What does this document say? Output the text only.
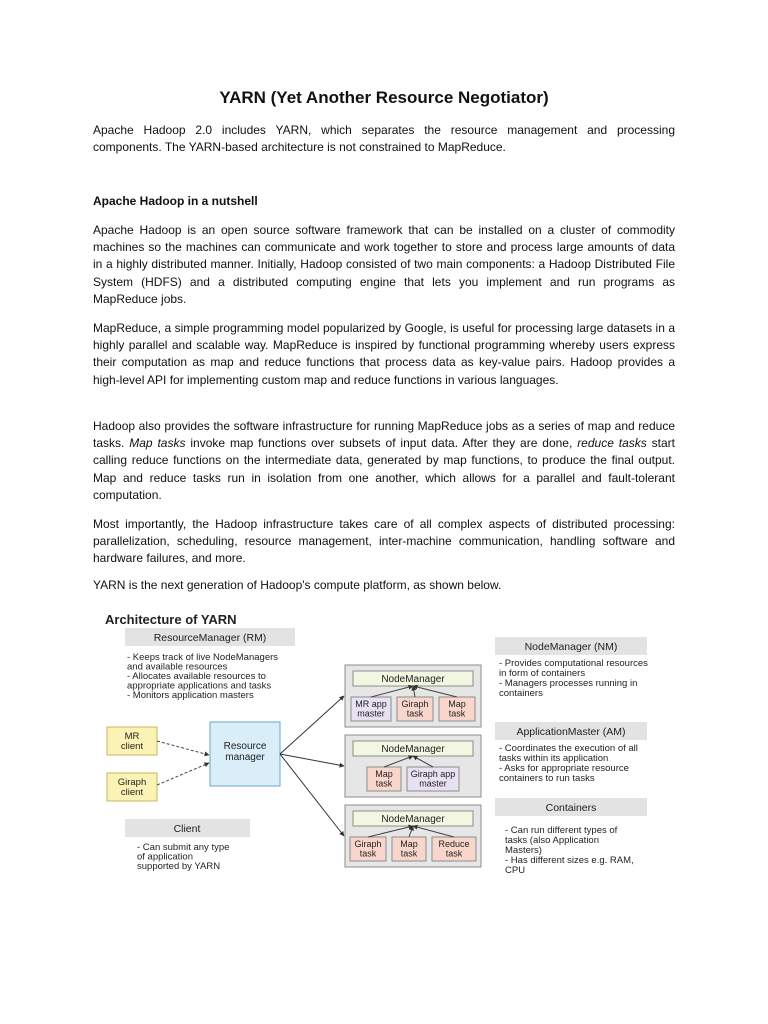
YARN (Yet Another Resource Negotiator)

Apache Hadoop 2.0 includes YARN, which separates the resource management and processing components. The YARN-based architecture is not constrained to MapReduce.

Apache Hadoop in a nutshell

Apache Hadoop is an open source software framework that can be installed on a cluster of commodity machines so the machines can communicate and work together to store and process large amounts of data in a highly distributed manner. Initially, Hadoop consisted of two main components: a Hadoop Distributed File System (HDFS) and a distributed computing engine that lets you implement and run programs as MapReduce jobs.

MapReduce, a simple programming model popularized by Google, is useful for processing large datasets in a highly parallel and scalable way. MapReduce is inspired by functional programming whereby users express their computation as map and reduce functions that process data as key-value pairs. Hadoop provides a high-level API for implementing custom map and reduce functions in various languages.

Hadoop also provides the software infrastructure for running MapReduce jobs as a series of map and reduce tasks. Map tasks invoke map functions over subsets of input data. After they are done, reduce tasks start calling reduce functions on the intermediate data, generated by map functions, to produce the final output. Map and reduce tasks run in isolation from one another, which allows for a parallel and fault-tolerant computation.

Most importantly, the Hadoop infrastructure takes care of all complex aspects of distributed processing: parallelization, scheduling, resource management, inter-machine communication, handling software and hardware failures, and more.

YARN is the next generation of Hadoop's compute platform, as shown below.

Architecture of YARN
ResourceManager (RM)
- Keeps track of live NodeManagers
and available resources
- Allocates available resources to
appropriate applications and tasks
- Monitors application masters
MR
client
Giraph
client
Resource
manager
Client
- Can submit any type
of application
supported by YARN
NodeManager
MR app
master
Giraph
task
Map
task
NodeManager
Map
task
Giraph app
master
NodeManager
Giraph
task
Map
task
Reduce
task
NodeManager (NM)
- Provides computational resources
in form of containers
- Managers processes running in
containers
ApplicationMaster (AM)
- Coordinates the execution of all
tasks within its application
- Asks for appropriate resource
containers to run tasks
Containers
- Can run different types of
tasks (also Application
Masters)
- Has different sizes e.g. RAM,
CPU
